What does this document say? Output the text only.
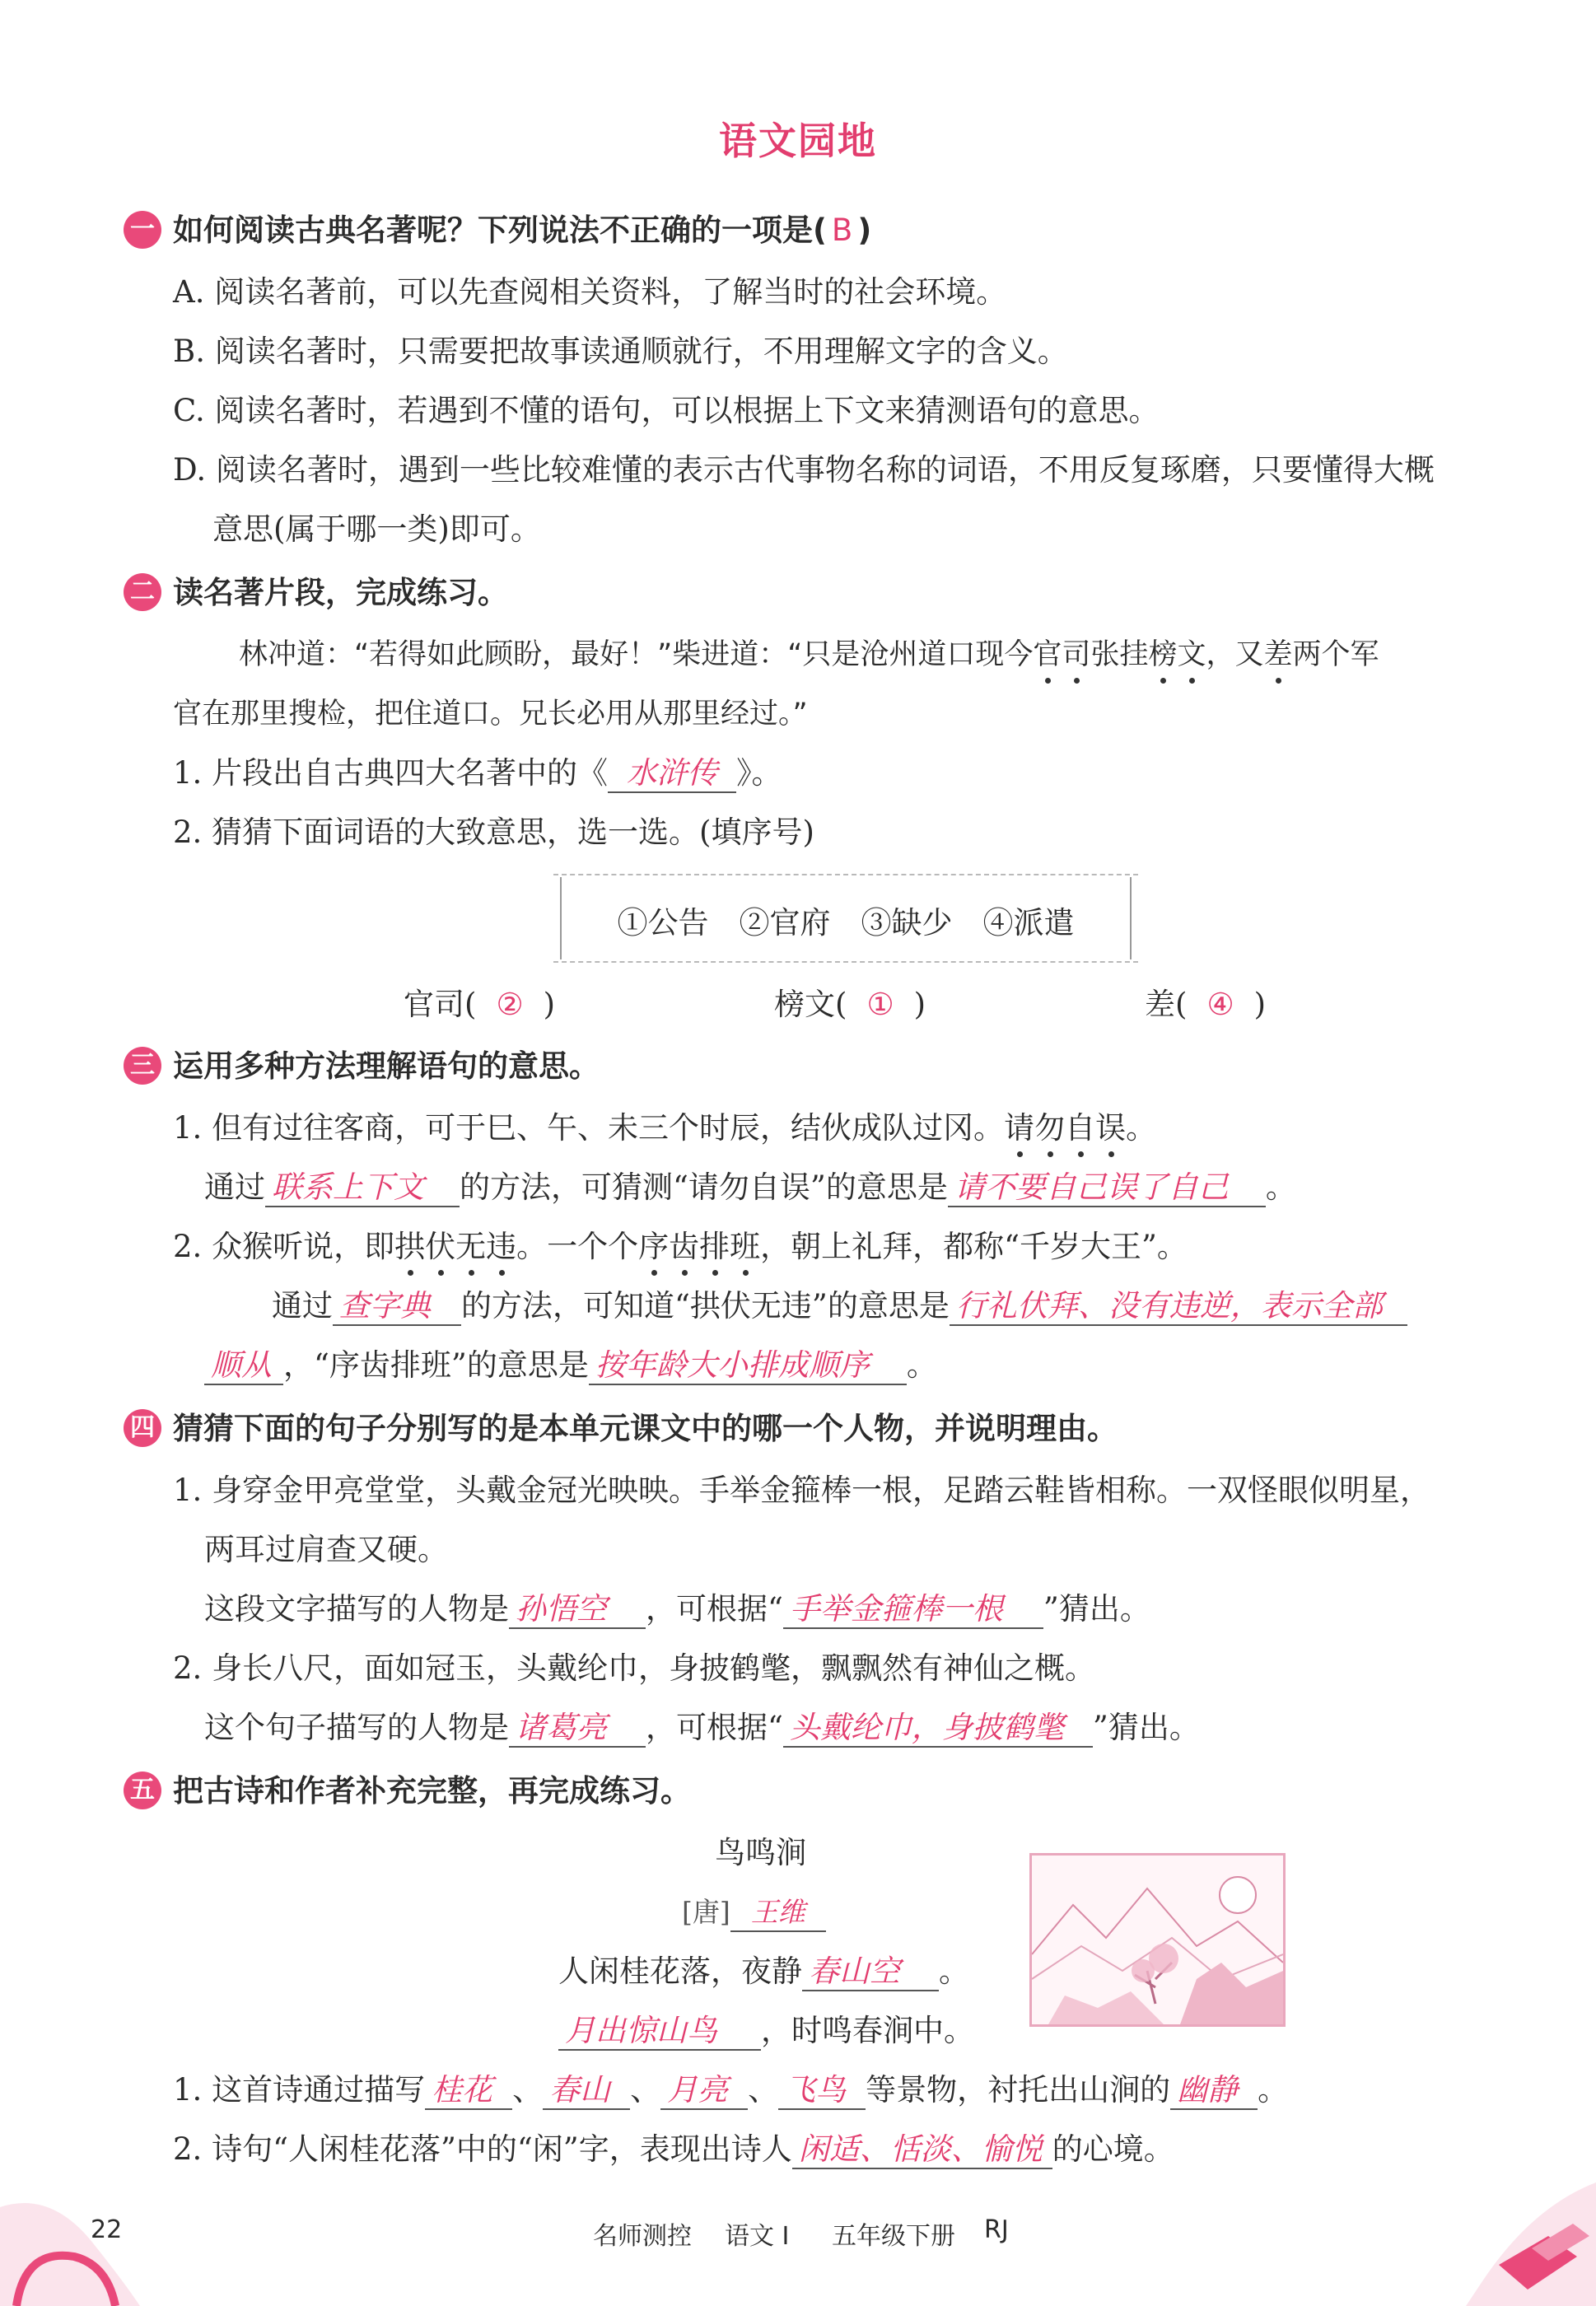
语文园地
一 如何阅读古典名著呢？下列说法不正确的一项是( B )
A. 阅读名著前，可以先查阅相关资料，了解当时的社会环境。
B. 阅读名著时，只需要把故事读通顺就行，不用理解文字的含义。
C. 阅读名著时，若遇到不懂的语句，可以根据上下文来猜测语句的意思。
D. 阅读名著时，遇到一些比较难懂的表示古代事物名称的词语，不用反复琢磨，只要懂得大概
意思(属于哪一类)即可。
二 读名著片段，完成练习。
林冲道：“若得如此顾盼，最好！”柴进道：“只是沧州道口现今官司张挂榜文，又差两个军
官在那里搜检，把住道口。兄长必用从那里经过。”
1. 片段出自古典四大名著中的《 水浒传 》。
2. 猜猜下面词语的大致意思，选一选。(填序号)
①公告　②官府　③缺少　④派遣
官司( ② )	榜文( ① )	差( ④ )
三 运用多种方法理解语句的意思。
1. 但有过往客商，可于巳、午、未三个时辰，结伙成队过冈。请勿自误。
通过 联系上下文 的方法，可猜测“请勿自误”的意思是 请不要自己误了自己 。
2. 众猴听说，即拱伏无违。一个个序齿排班，朝上礼拜，都称“千岁大王”。
通过 查字典 的方法，可知道“拱伏无违”的意思是 行礼伏拜、没有违逆，表示全部
顺从 ，“序齿排班”的意思是 按年龄大小排成顺序 。
四 猜猜下面的句子分别写的是本单元课文中的哪一个人物，并说明理由。
1. 身穿金甲亮堂堂，头戴金冠光映映。手举金箍棒一根，足踏云鞋皆相称。一双怪眼似明星，
两耳过肩查又硬。
这段文字描写的人物是 孙悟空 ，可根据“ 手举金箍棒一根 ”猜出。
2. 身长八尺，面如冠玉，头戴纶巾，身披鹤氅，飘飘然有神仙之概。
这个句子描写的人物是 诸葛亮 ，可根据“ 头戴纶巾，身披鹤氅 ”猜出。
五 把古诗和作者补充完整，再完成练习。
鸟鸣涧
[唐] 王维
人闲桂花落，夜静 春山空 。
月出惊山鸟 ，时鸣春涧中。
1. 这首诗通过描写 桂花 、 春山 、 月亮 、 飞鸟 等景物，衬托出山涧的 幽静 。
2. 诗句“人闲桂花落”中的“闲”字，表现出诗人 闲适、恬淡、愉悦 的心境。
22	名师测控 语文 I 五年级下册 RJ
